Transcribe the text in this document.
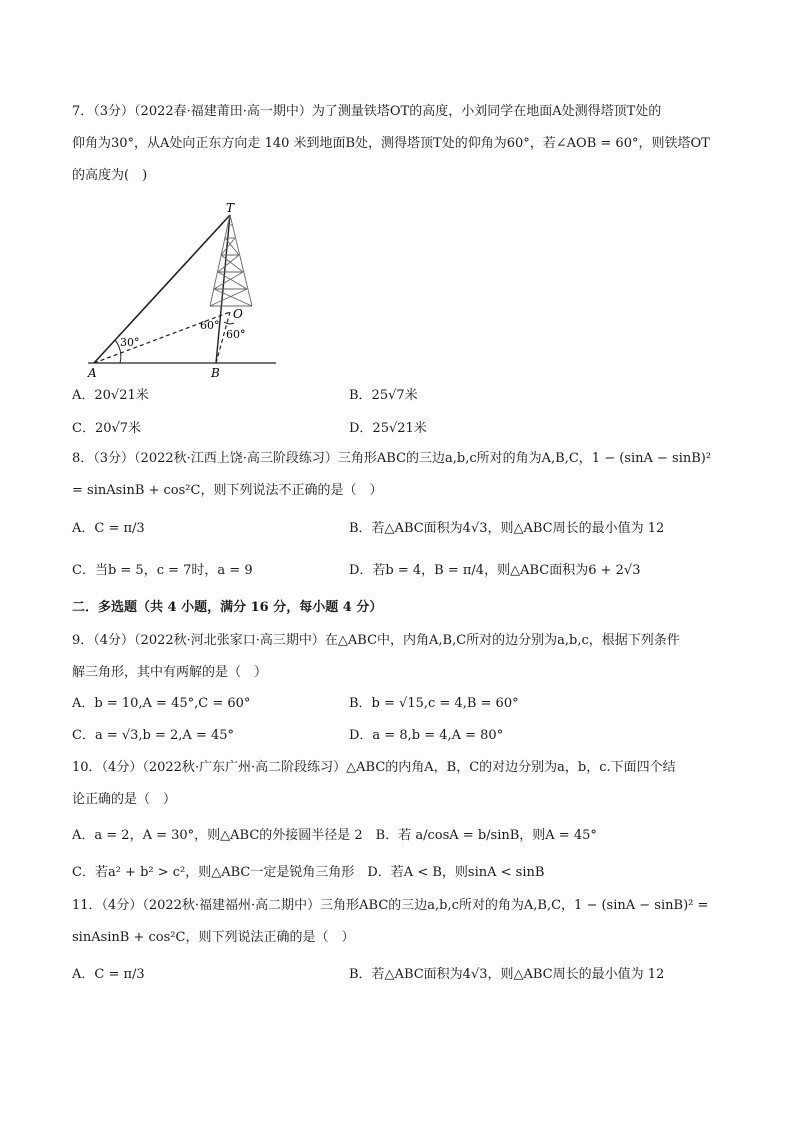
7．（3分）（2022春·福建莆田·高一期中）为了测量铁塔OT的高度，小刘同学在地面A处测得塔顶T处的
仰角为30°，从A处向正东方向走 140 米到地面B处，测得塔顶T处的仰角为60°，若∠AOB = 60°，则铁塔OT
的高度为(　)
T
O
A	B
30°
60°
60°
A．20√21米	B．25√7米
C．20√7米	D．25√21米
8．（3分）（2022秋·江西上饶·高三阶段练习）三角形ABC的三边a,b,c所对的角为A,B,C，1 − (sinA − sinB)²
= sinAsinB + cos²C，则下列说法不正确的是（　）
A．C = π/3	B．若△ABC面积为4√3，则△ABC周长的最小值为 12
C．当b = 5，c = 7时，a = 9	D．若b = 4，B = π/4，则△ABC面积为6 + 2√3
二．多选题（共 4 小题，满分 16 分，每小题 4 分）
9．（4分）（2022秋·河北张家口·高三期中）在△ABC中，内角A,B,C所对的边分别为a,b,c，根据下列条件
解三角形，其中有两解的是（　）
A．b = 10,A = 45°,C = 60°	B．b = √15,c = 4,B = 60°
C．a = √3,b = 2,A = 45°	D．a = 8,b = 4,A = 80°
10．（4分）（2022秋·广东广州·高二阶段练习）△ABC的内角A，B，C的对边分别为a，b，c.下面四个结
论正确的是（　）
A．a = 2，A = 30°，则△ABC的外接圆半径是 2　B．若 a/cosA = b/sinB，则A = 45°
C．若a² + b² > c²，则△ABC一定是锐角三角形　D．若A < B，则sinA < sinB
11．（4分）（2022秋·福建福州·高二期中）三角形ABC的三边a,b,c所对的角为A,B,C，1 − (sinA − sinB)² =
sinAsinB + cos²C，则下列说法正确的是（　）
A．C = π/3	B．若△ABC面积为4√3，则△ABC周长的最小值为 12
